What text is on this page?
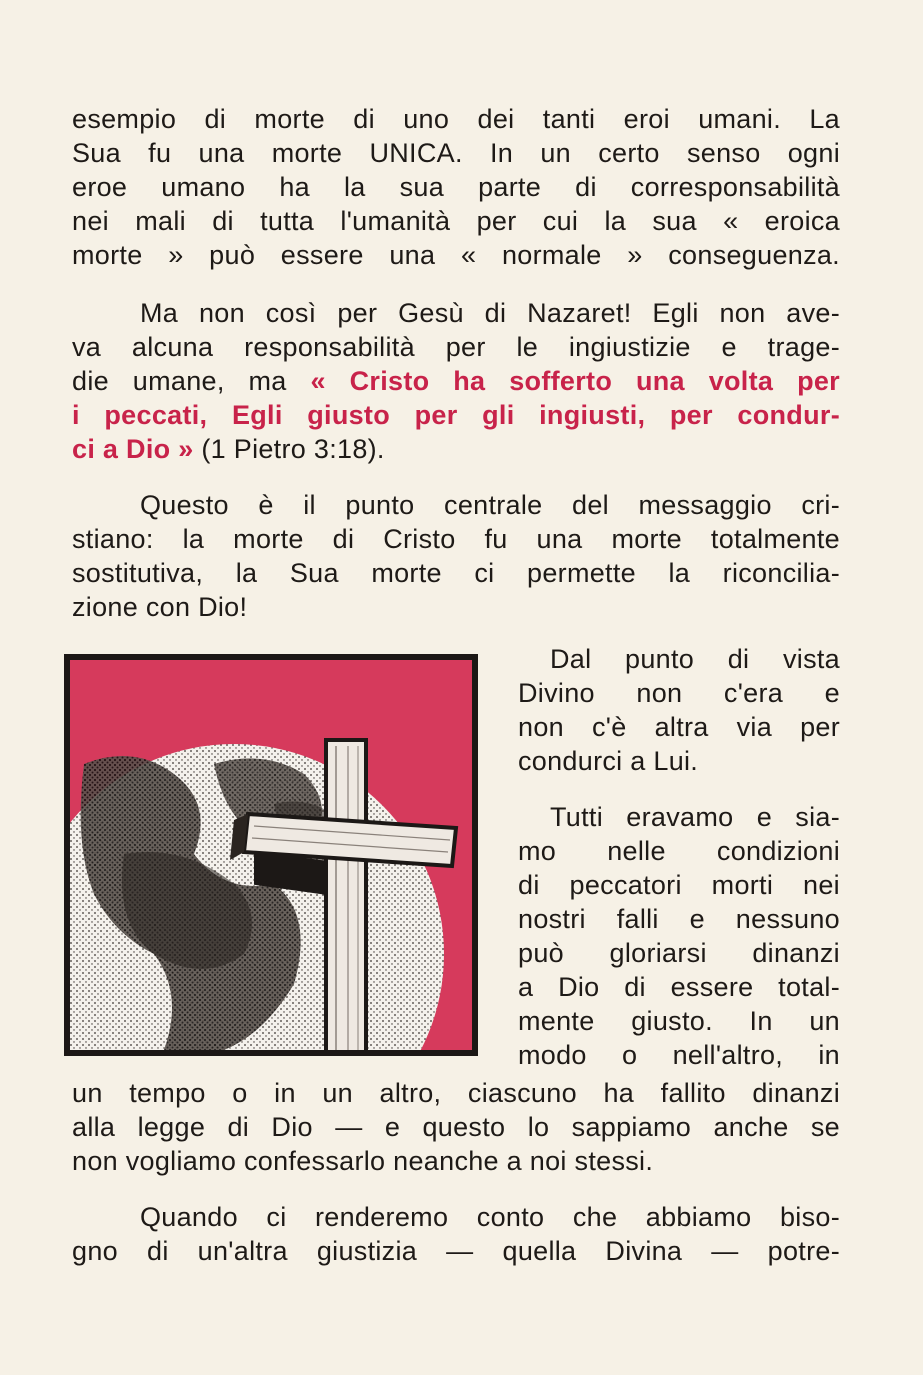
esempio di morte di uno dei tanti eroi umani. La
Sua fu una morte UNICA. In un certo senso ogni
eroe umano ha la sua parte di corresponsabilità
nei mali di tutta l'umanità per cui la sua « eroica
morte » può essere una « normale » conseguenza.
Ma non così per Gesù di Nazaret! Egli non ave-
va alcuna responsabilità per le ingiustizie e trage-
die umane, ma « Cristo ha sofferto una volta per
i peccati, Egli giusto per gli ingiusti, per condur-
ci a Dio » (1 Pietro 3:18).
Questo è il punto centrale del messaggio cri-
stiano: la morte di Cristo fu una morte totalmente
sostitutiva, la Sua morte ci permette la riconcilia-
zione con Dio!
Dal punto di vista
Divino non c'era e
non c'è altra via per
condurci a Lui.
Tutti eravamo e sia-
mo nelle condizioni
di peccatori morti nei
nostri falli e nessuno
può gloriarsi dinanzi
a Dio di essere total-
mente giusto. In un
modo o nell'altro, in
un tempo o in un altro, ciascuno ha fallito dinanzi
alla legge di Dio — e questo lo sappiamo anche se
non vogliamo confessarlo neanche a noi stessi.
Quando ci renderemo conto che abbiamo biso-
gno di un'altra giustizia — quella Divina — potre-
